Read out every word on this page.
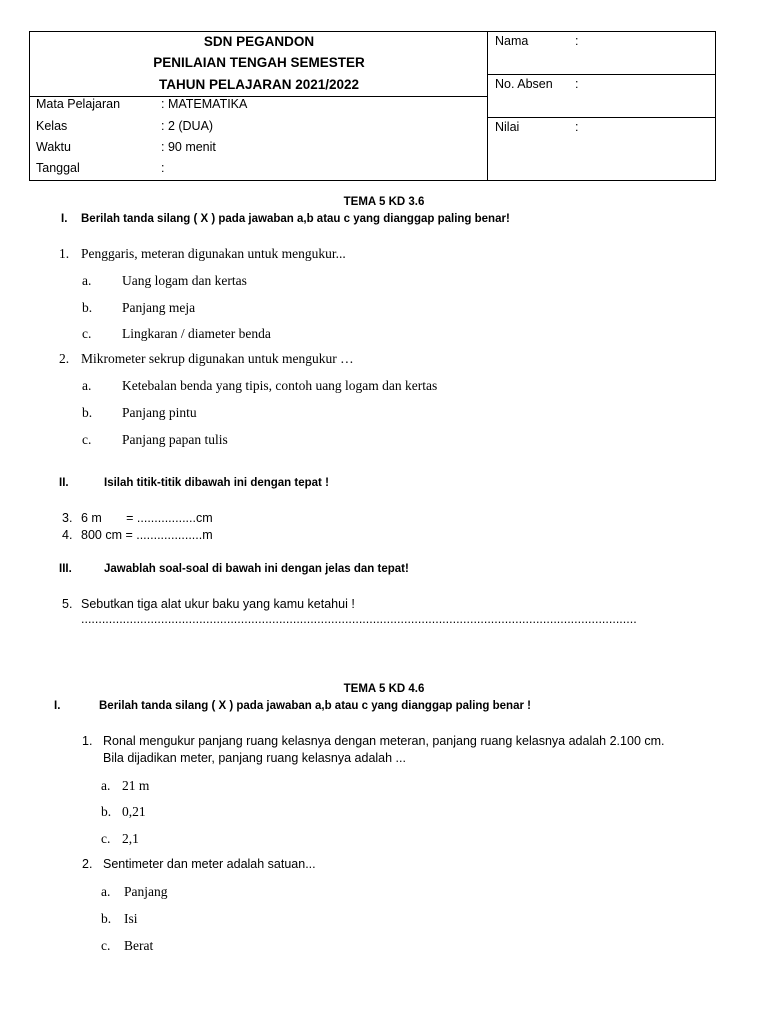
SDN PEGANDON
PENILAIAN TENGAH SEMESTER
TAHUN PELAJARAN 2021/2022
Mata Pelajaran	: MATEMATIKA
Kelas	: 2 (DUA)
Waktu	: 90 menit
Tanggal	:
Nama	:
No. Absen :
Nilai	:
TEMA 5 KD 3.6
I. Berilah tanda silang ( X ) pada jawaban a,b atau c yang dianggap paling benar!
1. Penggaris, meteran digunakan untuk mengukur...
a. Uang logam dan kertas
b. Panjang meja
c. Lingkaran / diameter benda
2. Mikrometer sekrup digunakan untuk mengukur …
a. Ketebalan benda yang tipis, contoh uang logam dan kertas
b. Panjang pintu
c. Panjang papan tulis
II.	Isilah titik-titik dibawah ini dengan tepat !
3. 6 m       = .................cm
4. 800 cm = ...................m
III.	Jawablah soal-soal di bawah ini dengan jelas dan tepat!
5. Sebutkan tiga alat ukur baku yang kamu ketahui !
................................................................................................................................................................
TEMA 5 KD 4.6
I.	Berilah tanda silang ( X ) pada jawaban a,b atau c yang dianggap paling benar !
1. Ronal mengukur panjang ruang kelasnya dengan meteran, panjang ruang kelasnya adalah 2.100 cm.
Bila dijadikan meter, panjang ruang kelasnya adalah ...
a. 21 m
b. 0,21
c. 2,1
2. Sentimeter dan meter adalah satuan...
a. Panjang
b. Isi
c. Berat
